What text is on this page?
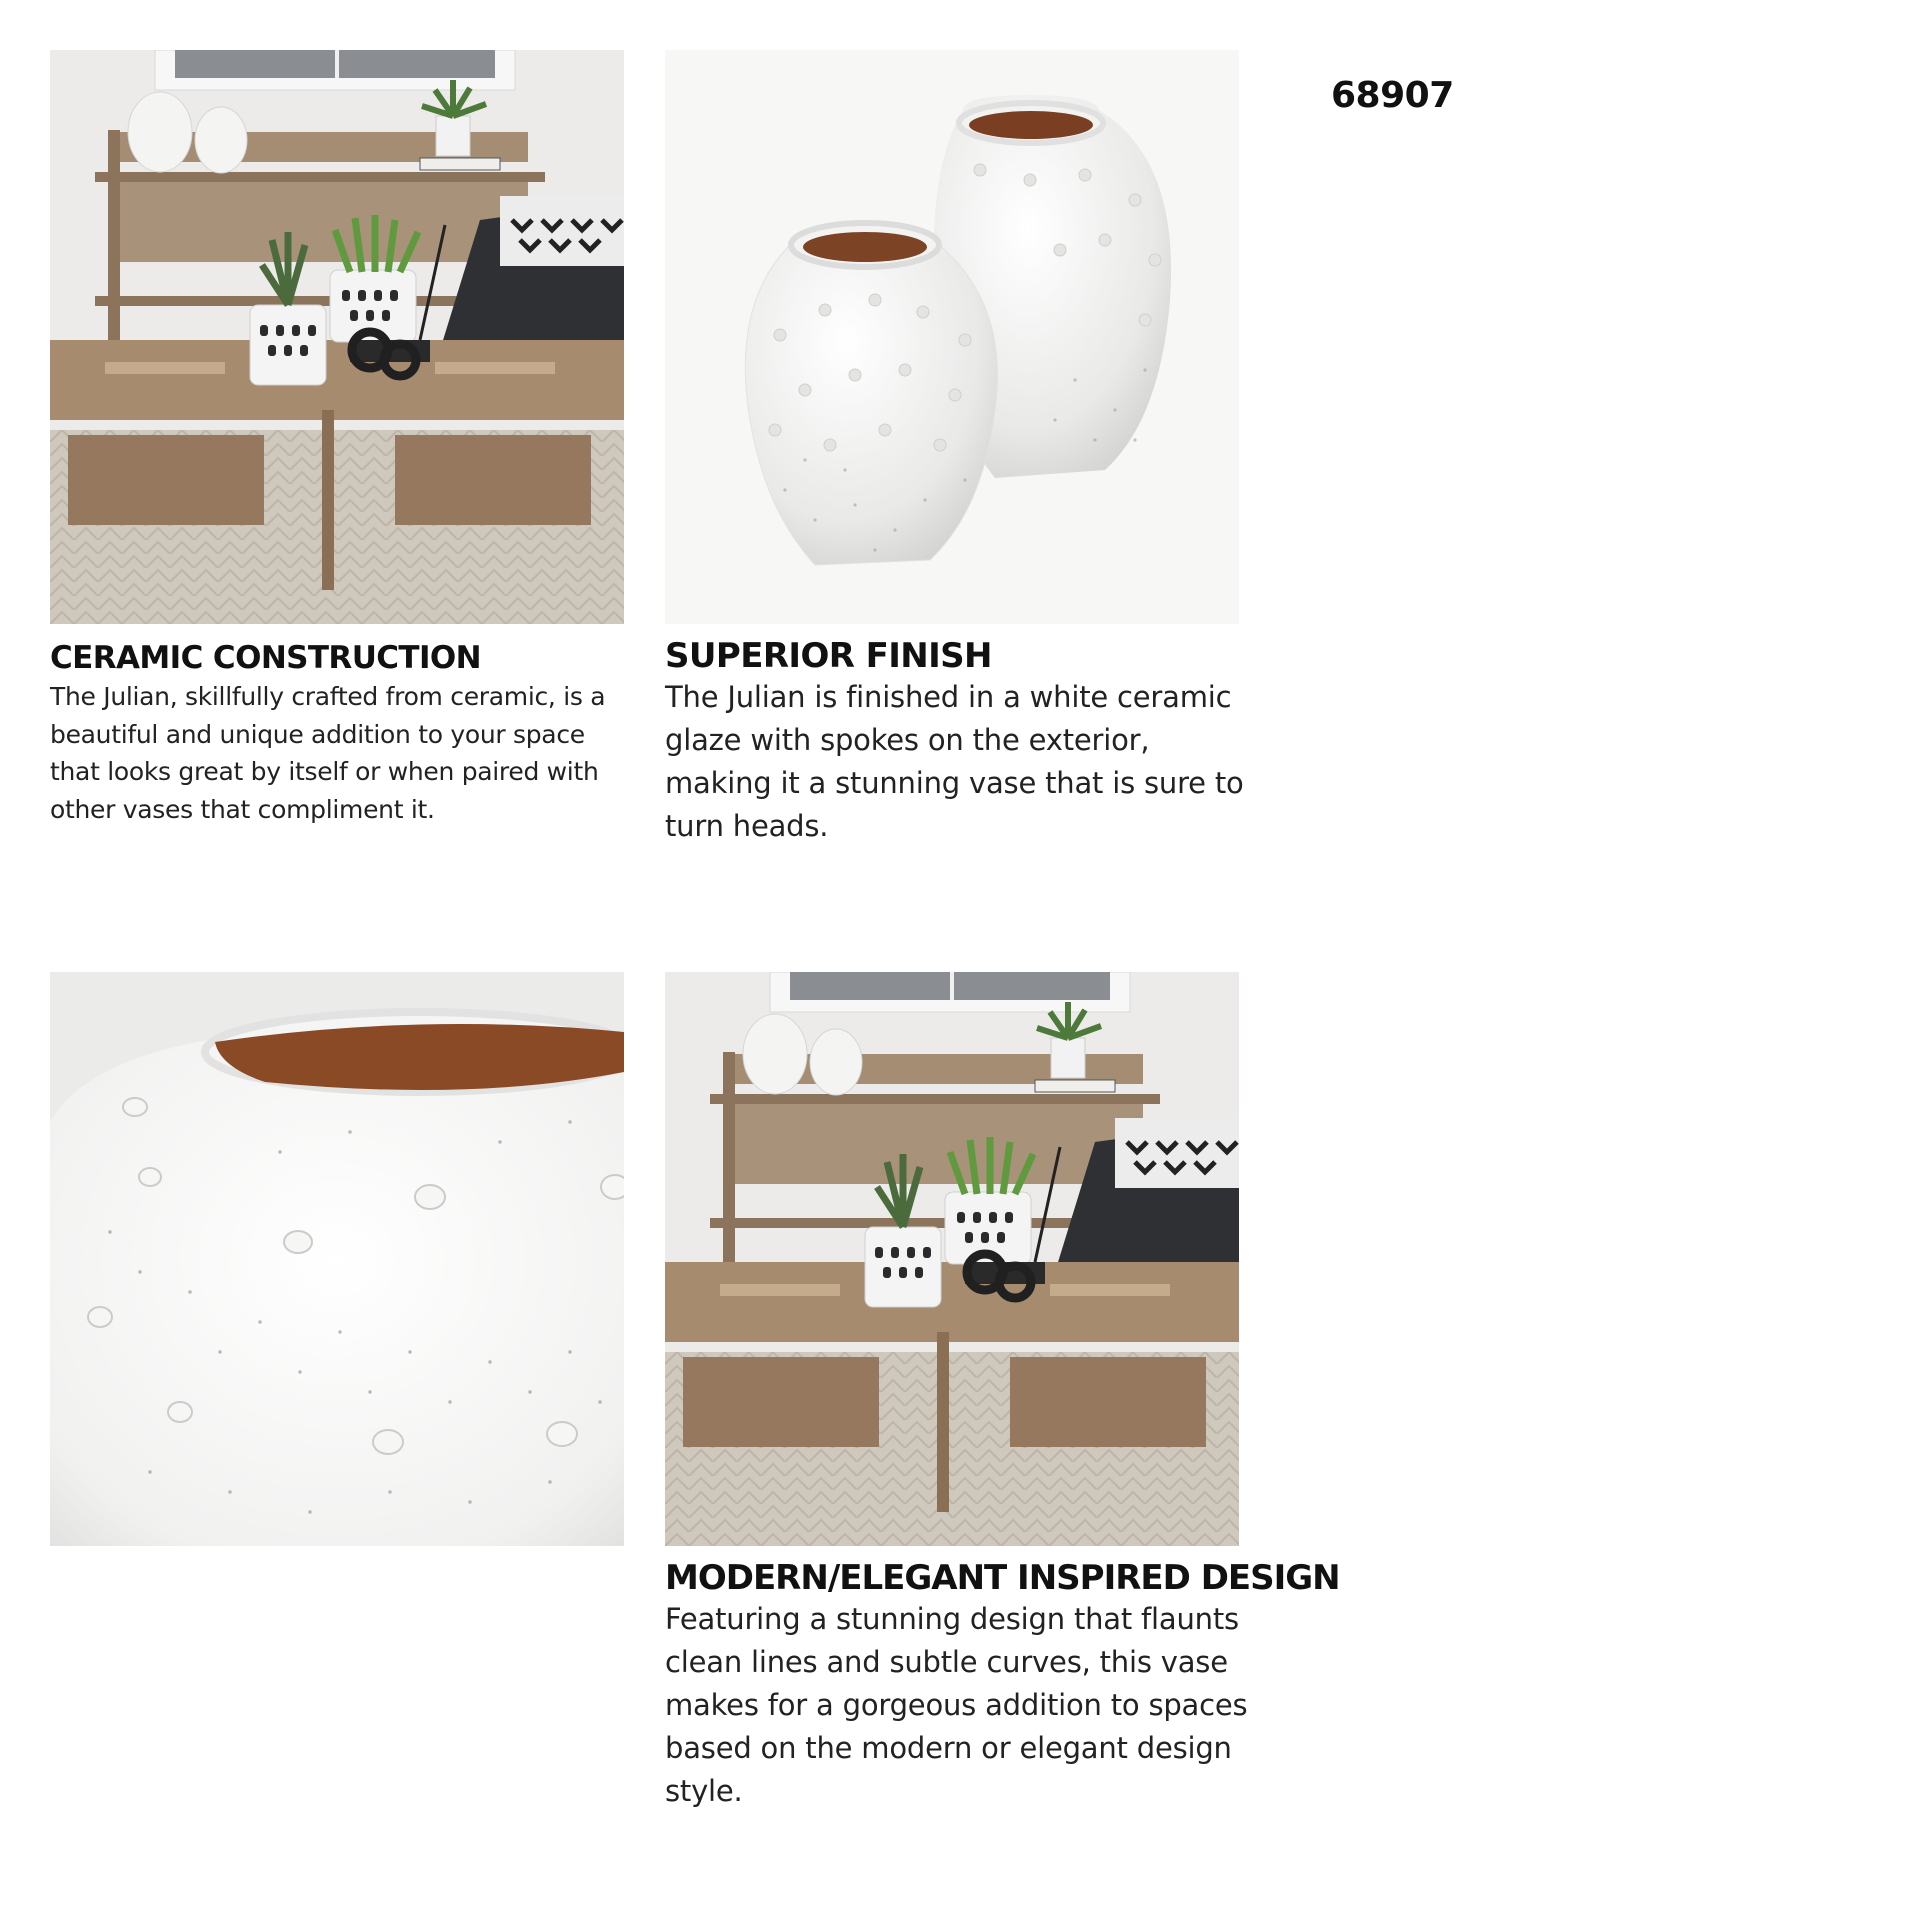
68907
CERAMIC CONSTRUCTION

The Julian, skillfully crafted from ceramic, is a beautiful and unique addition to your space that looks great by itself or when paired with other vases that compliment it.

SUPERIOR FINISH

The Julian is finished in a white ceramic glaze with spokes on the exterior, making it a stunning vase that is sure to turn heads.

MODERN/ELEGANT INSPIRED DESIGN

Featuring a stunning design that flaunts clean lines and subtle curves, this vase makes for a gorgeous addition to spaces based on the modern or elegant design style.
